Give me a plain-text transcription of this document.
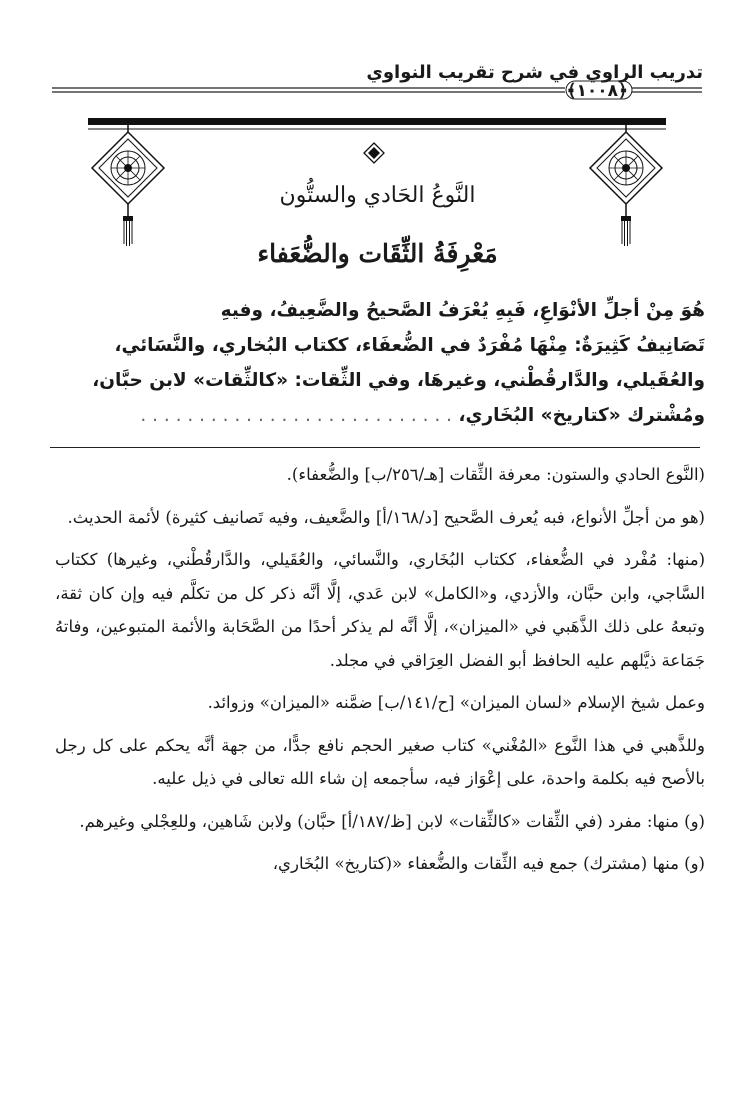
تدريب الراوي في شرح تقريب النواوي
﴿١٠٠٨﴾
النَّوعُ الحَادي والستُّون
مَعْرِفَةُ الثِّقَات والضُّعَفاء

هُوَ مِنْ أجلِّ الأنْوَاعِ، فَبِهِ يُعْرَفُ الصَّحيحُ والضَّعِيفُ، وفيهِ

تَصَانِيفُ كَثِيرَةٌ: مِنْهَا مُفْرَدٌ في الضُّعفَاء، ككتاب البُخاري، والنَّسَائي،

والعُقَيلي، والدَّارقُطْني، وغيرهَا، وفي الثِّقات: «كالثِّقات» لابن حبَّان،

ومُشْترك «كتاريخ» البُخَاري، . . . . . . . . . . . . . . . . . . . . . . . . . . .

(النَّوع الحادي والستون: معرفة الثِّقات [هـ/٢٥٦/ب] والضُّعفاء).

(هو من أجلِّ الأنواع، فبه يُعرف الصَّحيح [د/١٦٨/أ] والضَّعيف، وفيه تَصانيف كثيرة) لأئمة الحديث.

(منها: مُفْرد في الضُّعفاء، ككتاب البُخَاري، والنَّسائي، والعُقَيلي، والدَّارقُطْني، وغيرها) ككتاب السَّاجي، وابن حبَّان، والأزدي، و«الكامل» لابن عَدي، إلَّا أنَّه ذكر كل من تكلَّم فيه وإن كان ثقة، وتبعهُ على ذلك الذَّهَبي في «الميزان»، إلَّا أنَّه لم يذكر أحدًا من الصَّحَابة والأئمة المتبوعين، وفاتهُ جَمَاعة ذيَّلهم عليه الحافظ أبو الفضل العِرَاقي في مجلد.

وعمل شيخ الإسلام «لسان الميزان» [ح/١٤١/ب] ضمَّنه «الميزان» وزوائد.

وللذَّهبي في هذا النَّوع «المُغْني» كتاب صغير الحجم نافع جدًّا، من جهة أنَّه يحكم على كل رجل بالأصح فيه بكلمة واحدة، على إعْوَاز فيه، سأجمعه إن شاء الله تعالى في ذيل عليه.

(و) منها: مفرد (في الثِّقات «كالثِّقات» لابن [ظ/١٨٧/أ] حبَّان) ولابن شَاهين، وللعِجْلي وغيرهم.

(و) منها (مشترك) جمع فيه الثِّقات والضُّعفاء «(كتاريخ» البُخَاري،
